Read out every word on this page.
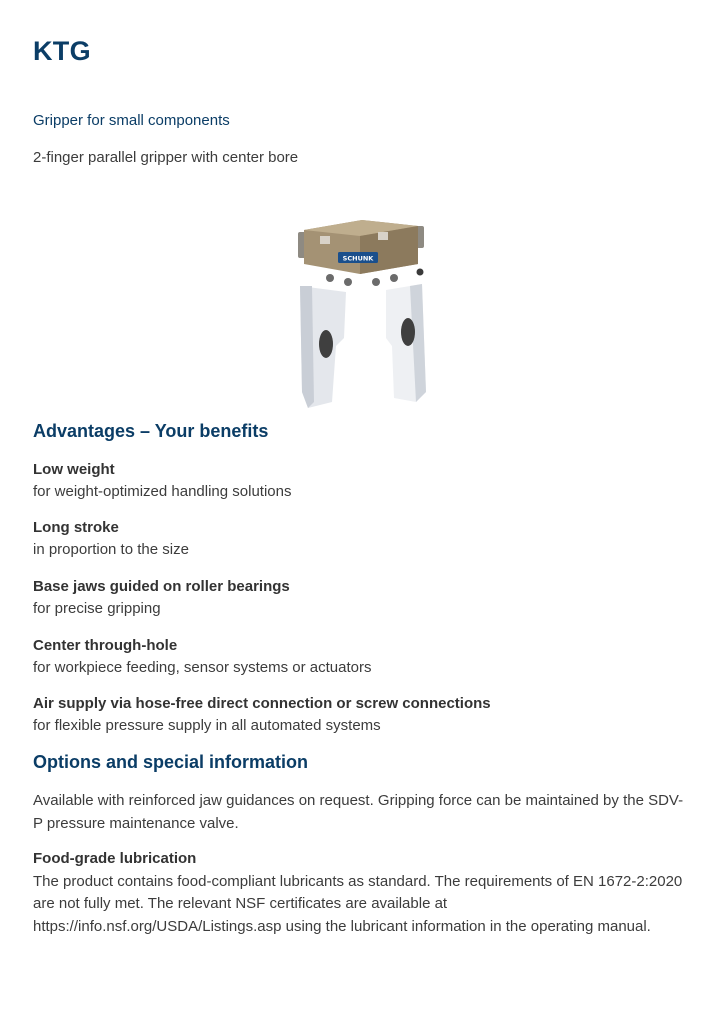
KTG

Gripper for small components

2-finger parallel gripper with center bore

SCHUNK
Advantages – Your benefits
Low weight
for weight-optimized handling solutions
Long stroke
in proportion to the size
Base jaws guided on roller bearings
for precise gripping
Center through-hole
for workpiece feeding, sensor systems or actuators
Air supply via hose-free direct connection or screw connections
for flexible pressure supply in all automated systems
Options and special information

Available with reinforced jaw guidances on request. Gripping force can be maintained by the SDV-P pressure maintenance valve.

Food-grade lubrication
The product contains food-compliant lubricants as standard. The requirements of EN 1672-2:2020 are not fully met. The relevant NSF certificates are available at https://info.nsf.org/USDA/Listings.asp using the lubricant information in the operating manual.
